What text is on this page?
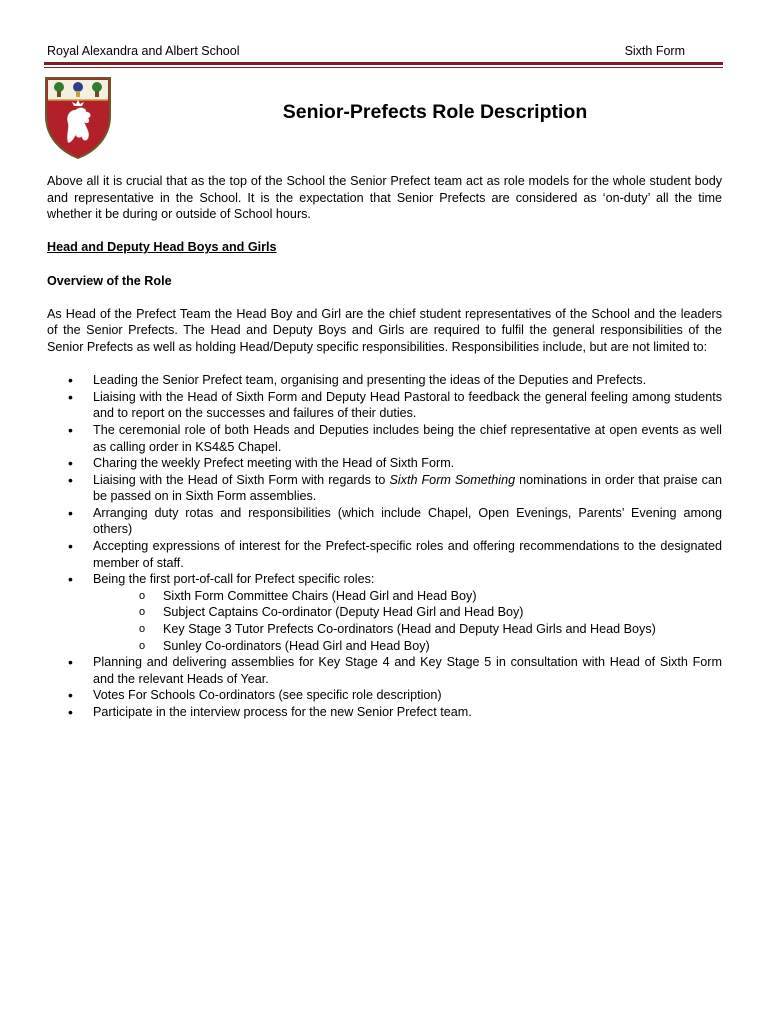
Royal Alexandra and Albert School	Sixth Form
Senior-Prefects Role Description

Above all it is crucial that as the top of the School the Senior Prefect team act as role models for the whole student body and representative in the School. It is the expectation that Senior Prefects are considered as ‘on-duty’ all the time whether it be during or outside of School hours.

Head and Deputy Head Boys and Girls

Overview of the Role

As Head of the Prefect Team the Head Boy and Girl are the chief student representatives of the School and the leaders of the Senior Prefects. The Head and Deputy Boys and Girls are required to fulfil the general responsibilities of the Senior Prefects as well as holding Head/Deputy specific responsibilities. Responsibilities include, but are not limited to:

• Leading the Senior Prefect team, organising and presenting the ideas of the Deputies and Prefects.
• Liaising with the Head of Sixth Form and Deputy Head Pastoral to feedback the general feeling among students and to report on the successes and failures of their duties.
• The ceremonial role of both Heads and Deputies includes being the chief representative at open events as well as calling order in KS4&5 Chapel.
• Charing the weekly Prefect meeting with the Head of Sixth Form.
• Liaising with the Head of Sixth Form with regards to Sixth Form Something nominations in order that praise can be passed on in Sixth Form assemblies.
• Arranging duty rotas and responsibilities (which include Chapel, Open Evenings, Parents’ Evening among others)
• Accepting expressions of interest for the Prefect-specific roles and offering recommendations to the designated member of staff.
• Being the first port-of-call for Prefect specific roles:
o Sixth Form Committee Chairs (Head Girl and Head Boy)
o Subject Captains Co-ordinator (Deputy Head Girl and Head Boy)
o Key Stage 3 Tutor Prefects Co-ordinators (Head and Deputy Head Girls and Head Boys)
o Sunley Co-ordinators (Head Girl and Head Boy)
• Planning and delivering assemblies for Key Stage 4 and Key Stage 5 in consultation with Head of Sixth Form and the relevant Heads of Year.
• Votes For Schools Co-ordinators (see specific role description)
• Participate in the interview process for the new Senior Prefect team.
